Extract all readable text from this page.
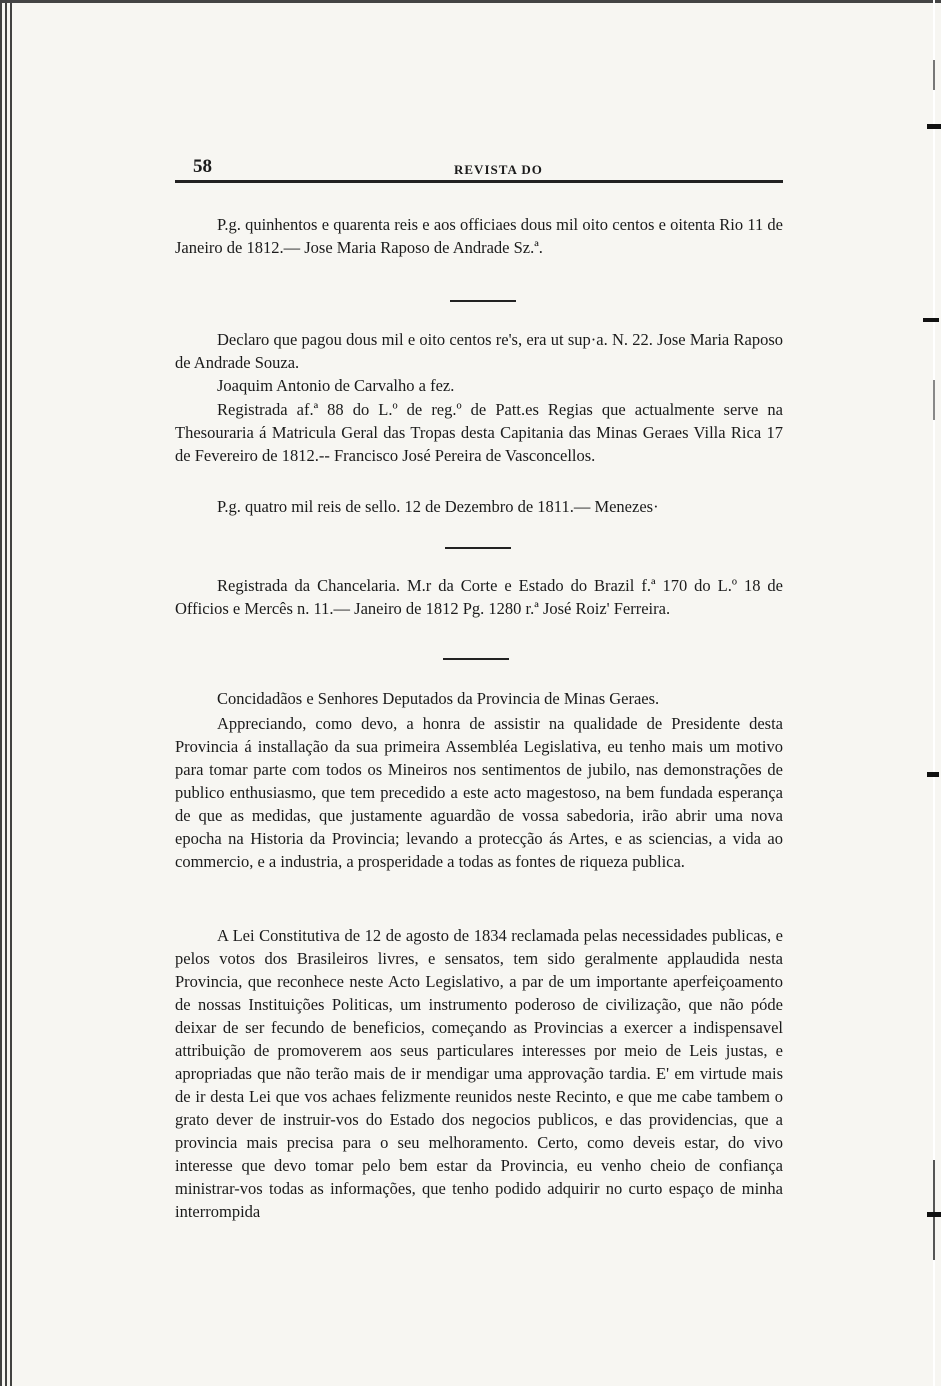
58	REVISTA DO

P.g. quinhentos e quarenta reis e aos officiaes dous mil oito centos e oitenta Rio 11 de Janeiro de 1812.— Jose Maria Raposo de Andrade Sz.ª.

Declaro que pagou dous mil e oito centos re's, era ut sup·a. N. 22. Jose Maria Raposo de Andrade Souza.

Joaquim Antonio de Carvalho a fez.

Registrada af.ª 88 do L.º de reg.º de Patt.es Regias que actualmente serve na Thesouraria á Matricula Geral das Tropas desta Capitania das Minas Geraes Villa Rica 17 de Fevereiro de 1812.-- Francisco José Pereira de Vasconcellos.

P.g. quatro mil reis de sello. 12 de Dezembro de 1811.— Menezes·

Registrada da Chancelaria. M.r da Corte e Estado do Brazil f.ª 170 do L.º 18 de Officios e Mercês n. 11.— Janeiro de 1812 Pg. 1280 r.ª José Roiz' Ferreira.

Concidadãos e Senhores Deputados da Provincia de Minas Geraes.

Appreciando, como devo, a honra de assistir na qualidade de Presidente desta Provincia á installação da sua primeira Assembléa Legislativa, eu tenho mais um motivo para tomar parte com todos os Mineiros nos sentimentos de jubilo, nas demonstrações de publico enthusiasmo, que tem precedido a este acto magestoso, na bem fundada esperança de que as medidas, que justamente aguardão de vossa sabedoria, irão abrir uma nova epocha na Historia da Provincia; levando a protecção ás Artes, e as sciencias, a vida ao commercio, e a industria, a prosperidade a todas as fontes de riqueza publica.

A Lei Constitutiva de 12 de agosto de 1834 reclamada pelas necessidades publicas, e pelos votos dos Brasileiros livres, e sensatos, tem sido geralmente applaudida nesta Provincia, que reconhece neste Acto Legislativo, a par de um importante aperfeiçoamento de nossas Instituições Politicas, um instrumento poderoso de civilização, que não póde deixar de ser fecundo de beneficios, começando as Provincias a exercer a indispensavel attribuição de promoverem aos seus particulares interesses por meio de Leis justas, e apropriadas que não terão mais de ir mendigar uma approvação tardia. E' em virtude mais de ir desta Lei que vos achaes felizmente reunidos neste Recinto, e que me cabe tambem o grato dever de instruir-vos do Estado dos negocios publicos, e das providencias, que a provincia mais precisa para o seu melhoramento. Certo, como deveis estar, do vivo interesse que devo tomar pelo bem estar da Provincia, eu venho cheio de confiança ministrar-vos todas as informações, que tenho podido adquirir no curto espaço de minha interrompida
